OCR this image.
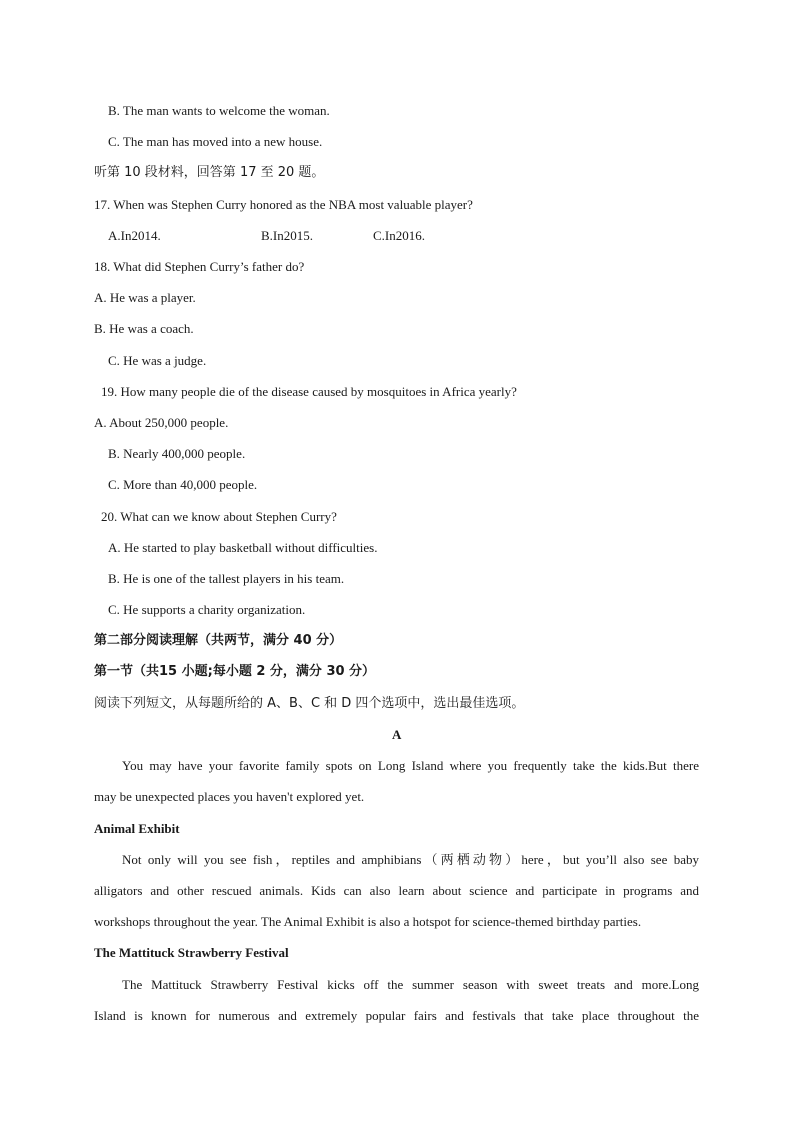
B. The man wants to welcome the woman.
C. The man has moved into a new house.
听第 10 段材料，回答第 17 至 20 题。
17. When was Stephen Curry honored as the NBA most valuable player?
A.In2014.	B.In2015.	C.In2016.
18. What did Stephen Curry’s father do?
A. He was a player.
B. He was a coach.
C. He was a judge.
19. How many people die of the disease caused by mosquitoes in Africa yearly?
A. About 250,000 people.
B. Nearly 400,000 people.
C. More than 40,000 people.
20. What can we know about Stephen Curry?
A. He started to play basketball without difficulties.
B. He is one of the tallest players in his team.
C. He supports a charity organization.
第二部分阅读理解（共两节，满分 40 分）
第一节（共15 小题;每小题 2 分，满分 30 分）
阅读下列短文，从每题所给的 A、B、C 和 D 四个选项中，选出最佳选项。
A
You may have your favorite family spots on Long Island where you frequently take the kids.But there
may be unexpected places you haven't explored yet.
Animal Exhibit
Not only will you see fish，reptiles and amphibians（两栖动物）here，but you’ll also see baby
alligators and other rescued animals. Kids can also learn about science and participate in programs and
workshops throughout the year. The Animal Exhibit is also a hotspot for science-themed birthday parties.
The Mattituck Strawberry Festival
The Mattituck Strawberry Festival kicks off the summer season with sweet treats and more.Long
Island is known for numerous and extremely popular fairs and festivals that take place throughout the
